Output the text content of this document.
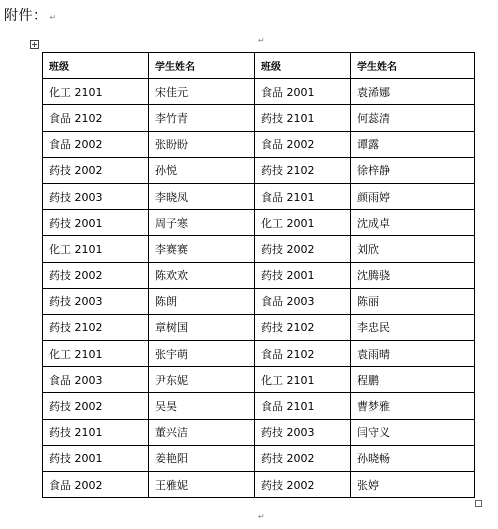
附件： ↵
↵
班级	学生姓名	班级	学生姓名
化工 2101	宋佳元	食品 2001	袁浠娜
食品 2102	李竹青	药技 2101	何蕊清
食品 2002	张盼盼	食品 2002	谭露
药技 2002	孙悦	药技 2102	徐梓静
药技 2003	李晓凤	食品 2101	颜雨婷
药技 2001	周子寒	化工 2001	沈成卓
化工 2101	李赛赛	药技 2002	刘欣
药技 2002	陈欢欢	药技 2001	沈腾骁
药技 2003	陈朗	食品 2003	陈丽
药技 2102	章树国	药技 2102	李忠民
化工 2101	张宇萌	食品 2102	袁雨晴
食品 2003	尹东妮	化工 2101	程鹏
药技 2002	吴昊	食品 2101	曹梦雅
药技 2101	董兴洁	药技 2003	闫守义
药技 2001	姜艳阳	药技 2002	孙晓畅
食品 2002	王雅妮	药技 2002	张婷
↵
